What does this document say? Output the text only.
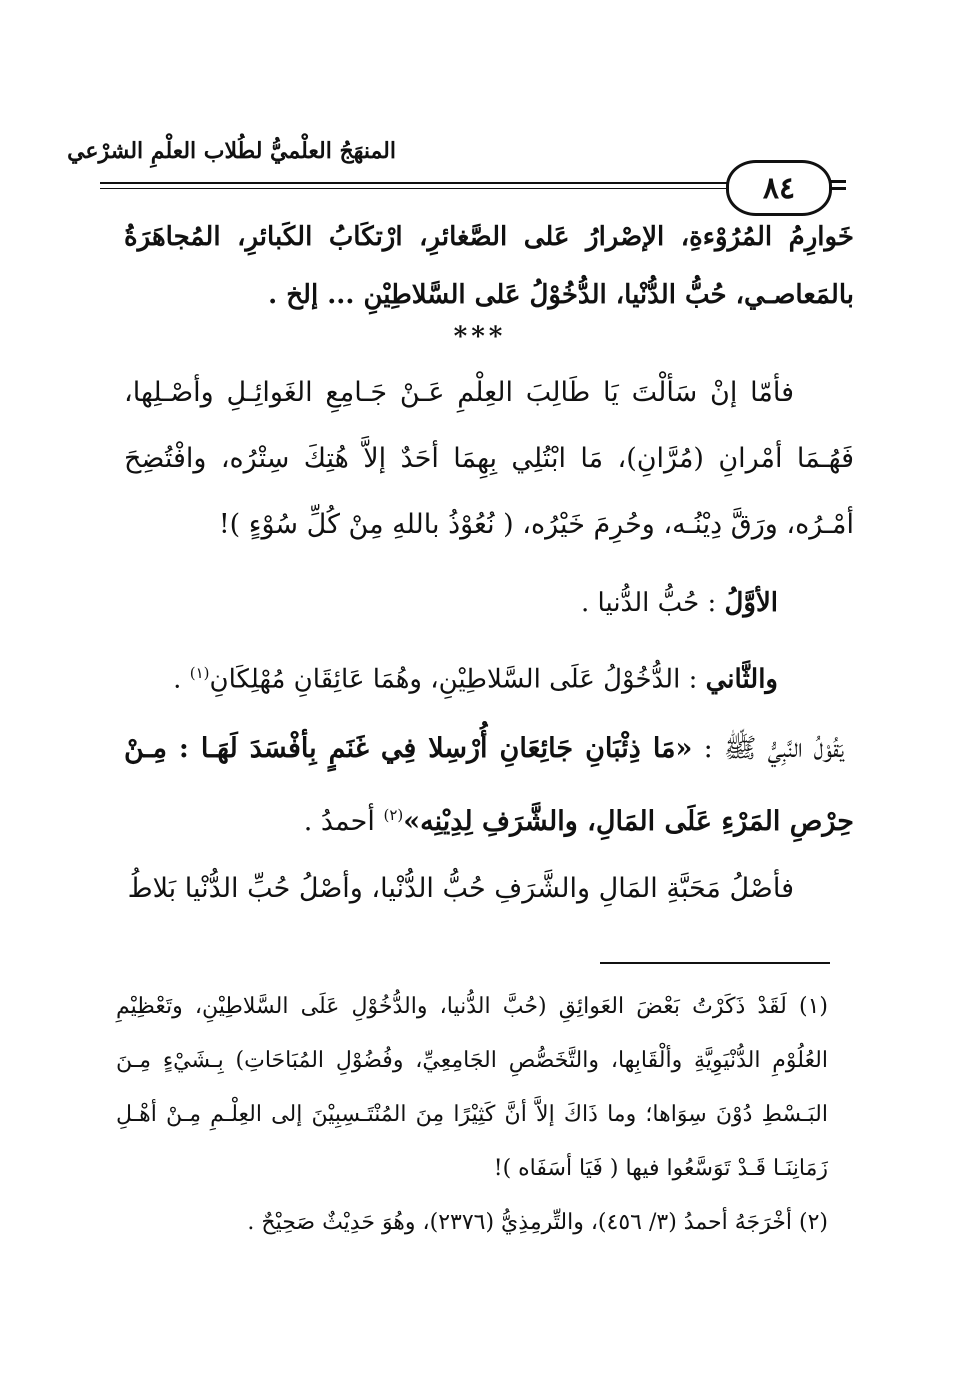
المنهَجُ العلْميُّ لطُلاب العلْمِ الشرْعي
٨٤

خَوارِمُ المُرُوْءةِ، الإصْرارُ عَلى الصَّغائرِ، ارْتكَابُ الكَبائرِ، المُجاهَرَةُ بالمَعاصـي، حُبُّ الدُّنْيا، الدُّخُوْلُ عَلى السَّلاطِيْنِ ... إلخ .

***

فأمّا إنْ سَألْتَ يَا طَالِبَ العِلْمِ عَـنْ جَـامِعِ الغَوائِـلِ وأصْـلِها، فَهُـمَا أمْرانِ (مُرَّانِ)، مَا ابْتُلِي بِهِمَا أحَدٌ إلاَّ هُتِكَ سِتْرُه، وافْتُضِحَ أمْـرُه، ورَقَّ دِيْنُـه، وحُرِمَ خَيْرُه، ( نُعُوْذُ باللهِ مِنْ كُلِّ سُوْءٍ )!

الأوَّلُ : حُبُّ الدُّنيا .

والثَّاني : الدُّخُوْلُ عَلَى السَّلاطِيْنِ، وهُمَا عَائِقَانِ مُهْلِكَانِ$^{(١)}$ .

يَقُوْلُ النَّبِيُّ ﷺ : «مَا ذِئْبَانِ جَائِعَانِ أُرْسِلا فِي غَنَمٍ بِأفْسَدَ لَهَـا : مِـنْ حِرْصِ المَرْءِ عَلَى المَالِ، والشَّرَفِ لِدِيْنِه»$^{(٢)}$ أحمدُ .

فأصْلُ مَحَبَّةِ المَالِ والشَّرَفِ حُبُّ الدُّنْيا، وأصْلُ حُبِّ الدُّنْيا بَلاطُ

(١) لَقَدْ ذَكَرْتُ بَعْضَ العَوائِقِ (حُبَّ الدُّنيا، والدُّخُوْلِ عَلَى السَّلاطِيْنِ، وتَعْظِيْمِ العُلُوْمِ الدُّنْيَوِيَّةِ وألْقَابِها، والتَّخَصُّصِ الجَامِعِيِّ، وفُضُوْلِ المُبَاحَاتِ) بِـشَيْءٍ مِـنَ البَـسْطِ دُوْنَ سِوَاها؛ وما ذَاكَ إلاَّ أنَّ كَثِيْرًا مِنَ المُنْتَـسِبِيْنَ إلى العِلْـمِ مِـنْ أهْـلِ زَمَانِنَـا قَـدْ تَوَسَّعُوا فيها ( فَيَا أسَفَاه )!

(٢) أخْرَجَهُ أحمدُ (٣/ ٤٥٦)، والتِّرمِذِيُّ (٢٣٧٦)، وهُوَ حَدِيْثٌ صَحِيْحٌ .
